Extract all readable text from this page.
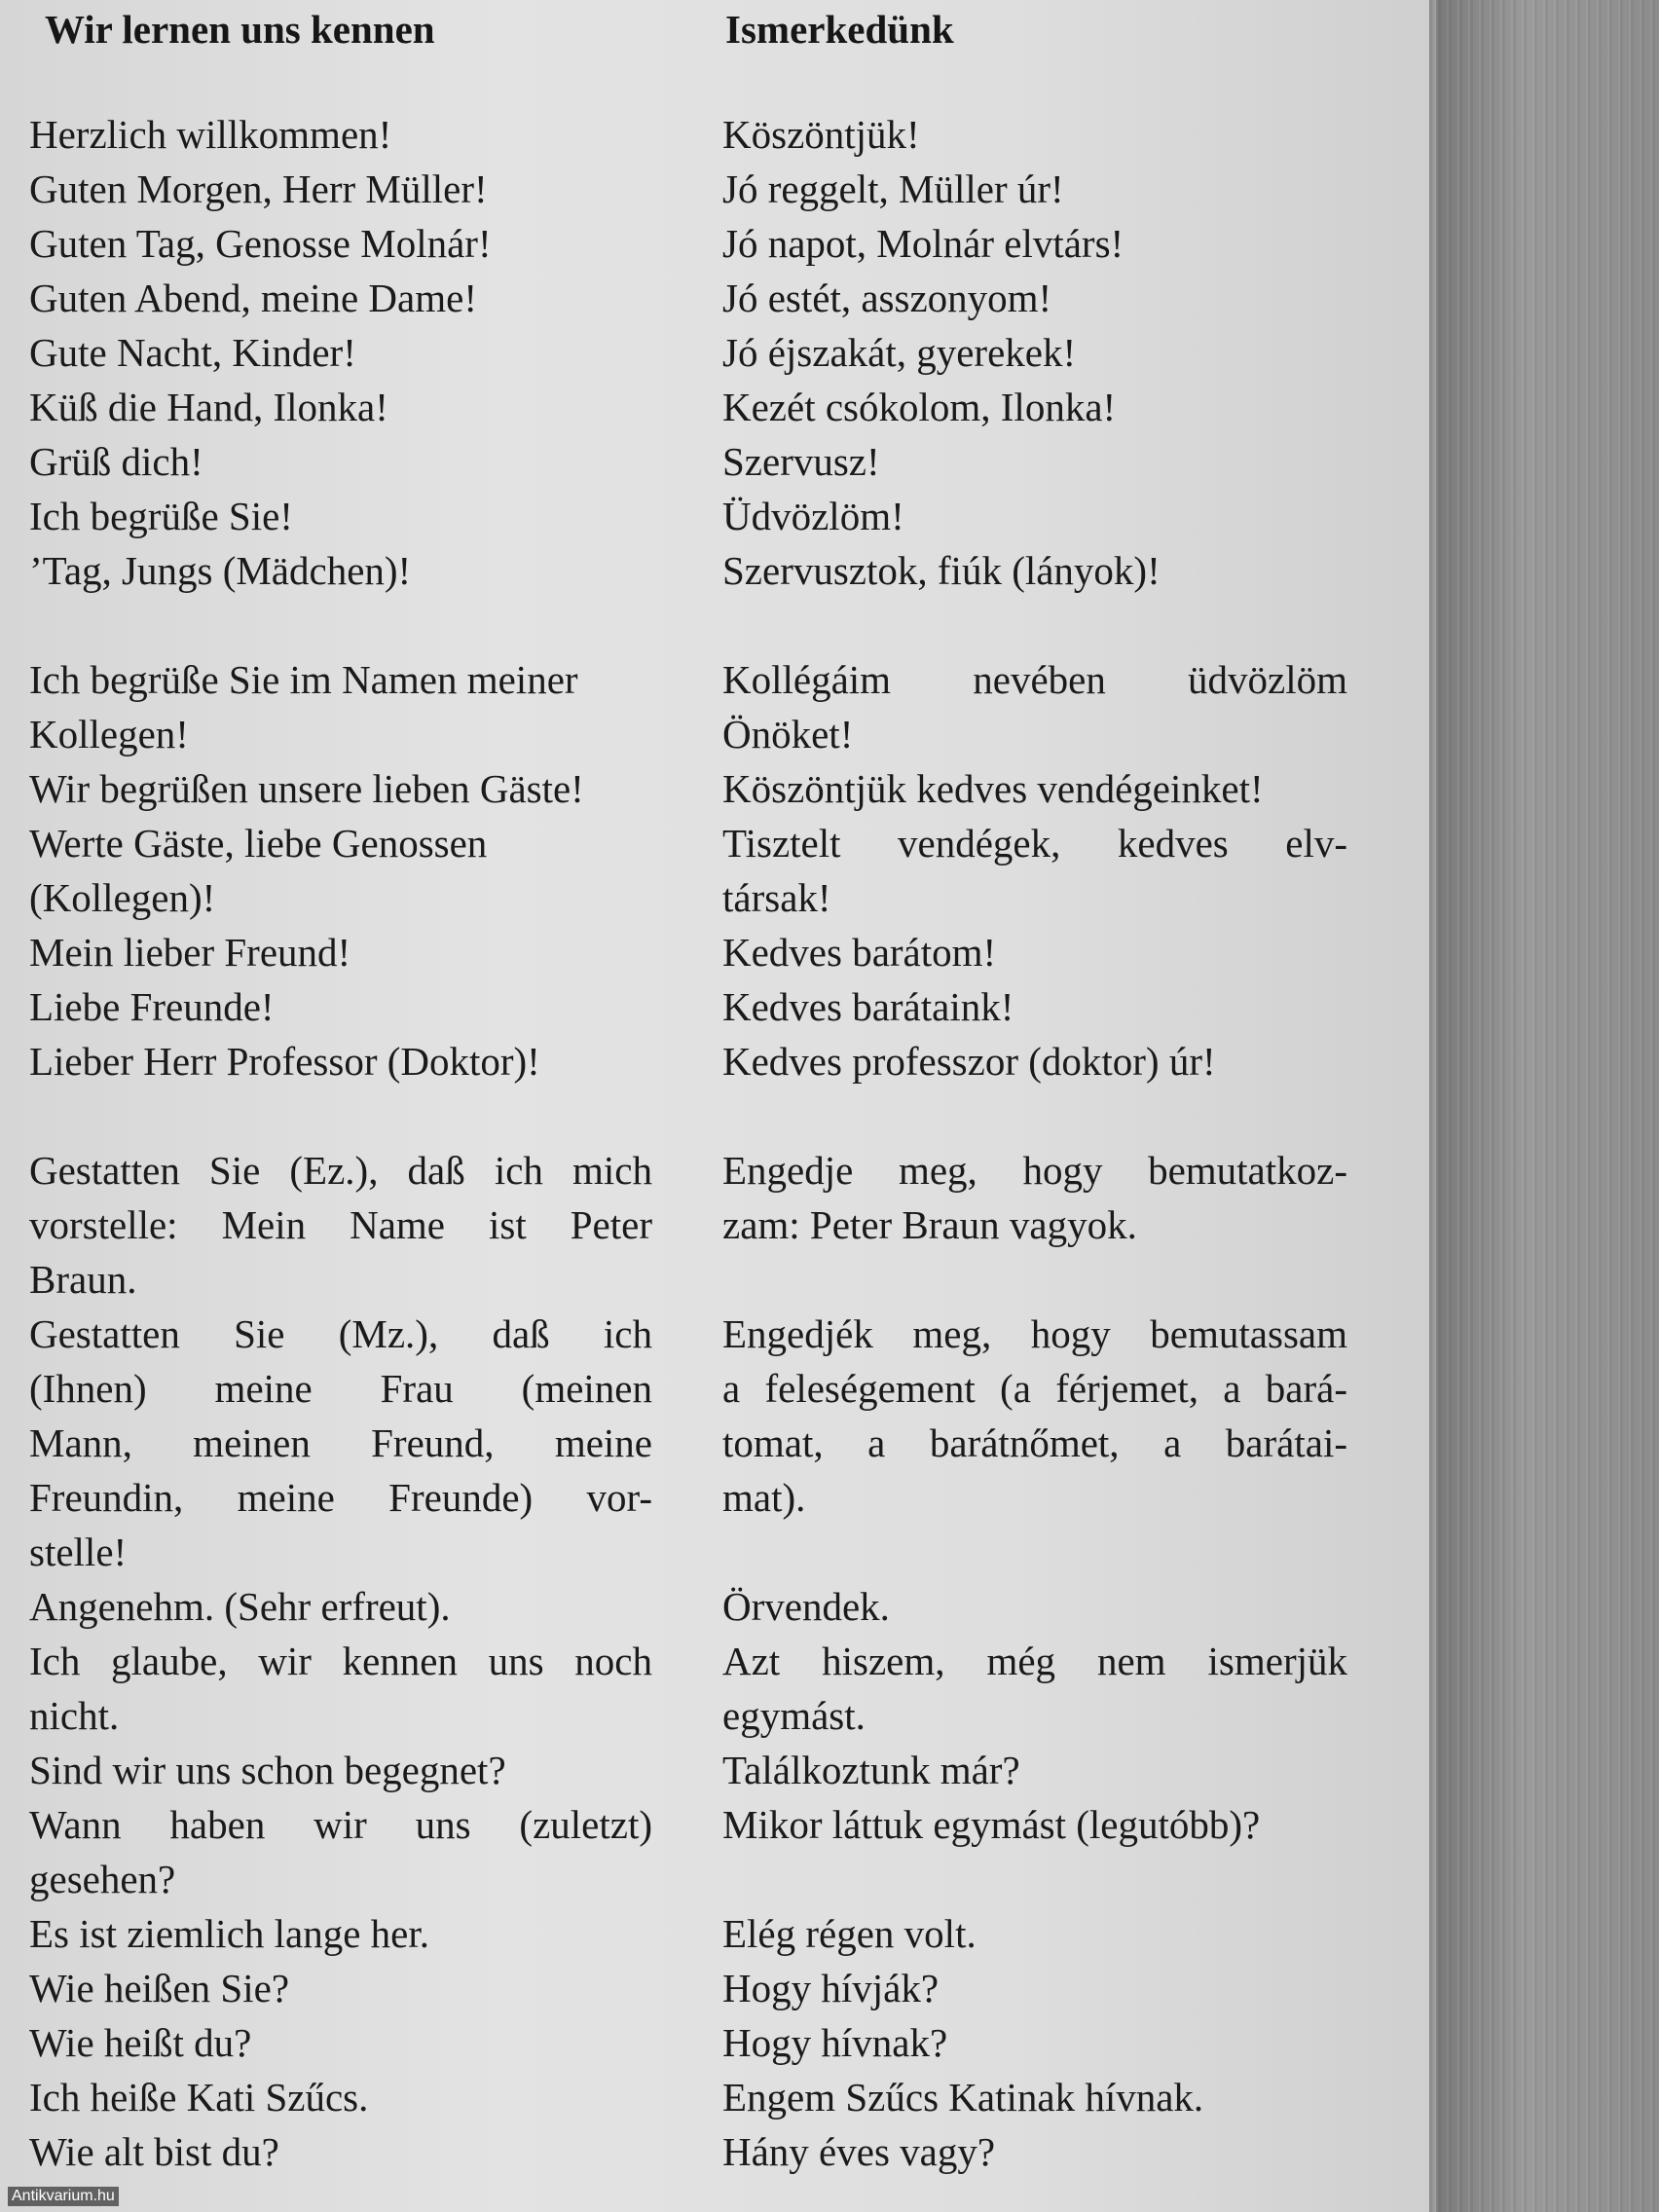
Wir lernen uns kennen	Ismerkedünk
Herzlich willkommen!
Guten Morgen, Herr Müller!
Guten Tag, Genosse Molnár!
Guten Abend, meine Dame!
Gute Nacht, Kinder!
Küß die Hand, Ilonka!
Grüß dich!
Ich begrüße Sie!
’Tag, Jungs (Mädchen)!
Ich begrüße Sie im Namen meiner
Kollegen!
Wir begrüßen unsere lieben Gäste!
Werte Gäste, liebe Genossen
(Kollegen)!
Mein lieber Freund!
Liebe Freunde!
Lieber Herr Professor (Doktor)!
Gestatten Sie (Ez.), daß ich mich
vorstelle: Mein Name ist Peter
Braun.
Gestatten Sie (Mz.), daß ich
(Ihnen) meine Frau (meinen
Mann, meinen Freund, meine
Freundin, meine Freunde) vor-
stelle!
Angenehm. (Sehr erfreut).
Ich glaube, wir kennen uns noch
nicht.
Sind wir uns schon begegnet?
Wann haben wir uns (zuletzt)
gesehen?
Es ist ziemlich lange her.
Wie heißen Sie?
Wie heißt du?
Ich heiße Kati Szűcs.
Wie alt bist du?
Köszöntjük!
Jó reggelt, Müller úr!
Jó napot, Molnár elvtárs!
Jó estét, asszonyom!
Jó éjszakát, gyerekek!
Kezét csókolom, Ilonka!
Szervusz!
Üdvözlöm!
Szervusztok, fiúk (lányok)!
Kollégáim nevében üdvözlöm
Önöket!
Köszöntjük kedves vendégeinket!
Tisztelt vendégek, kedves elv-
társak!
Kedves barátom!
Kedves barátaink!
Kedves professzor (doktor) úr!
Engedje meg, hogy bemutatkoz-
zam: Peter Braun vagyok.
Engedjék meg, hogy bemutassam
a feleségement (a férjemet, a bará-
tomat, a barátnőmet, a barátai-
mat).
Örvendek.
Azt hiszem, még nem ismerjük
egymást.
Találkoztunk már?
Mikor láttuk egymást (legutóbb)?
Elég régen volt.
Hogy hívják?
Hogy hívnak?
Engem Szűcs Katinak hívnak.
Hány éves vagy?
Antikvarium.hu
